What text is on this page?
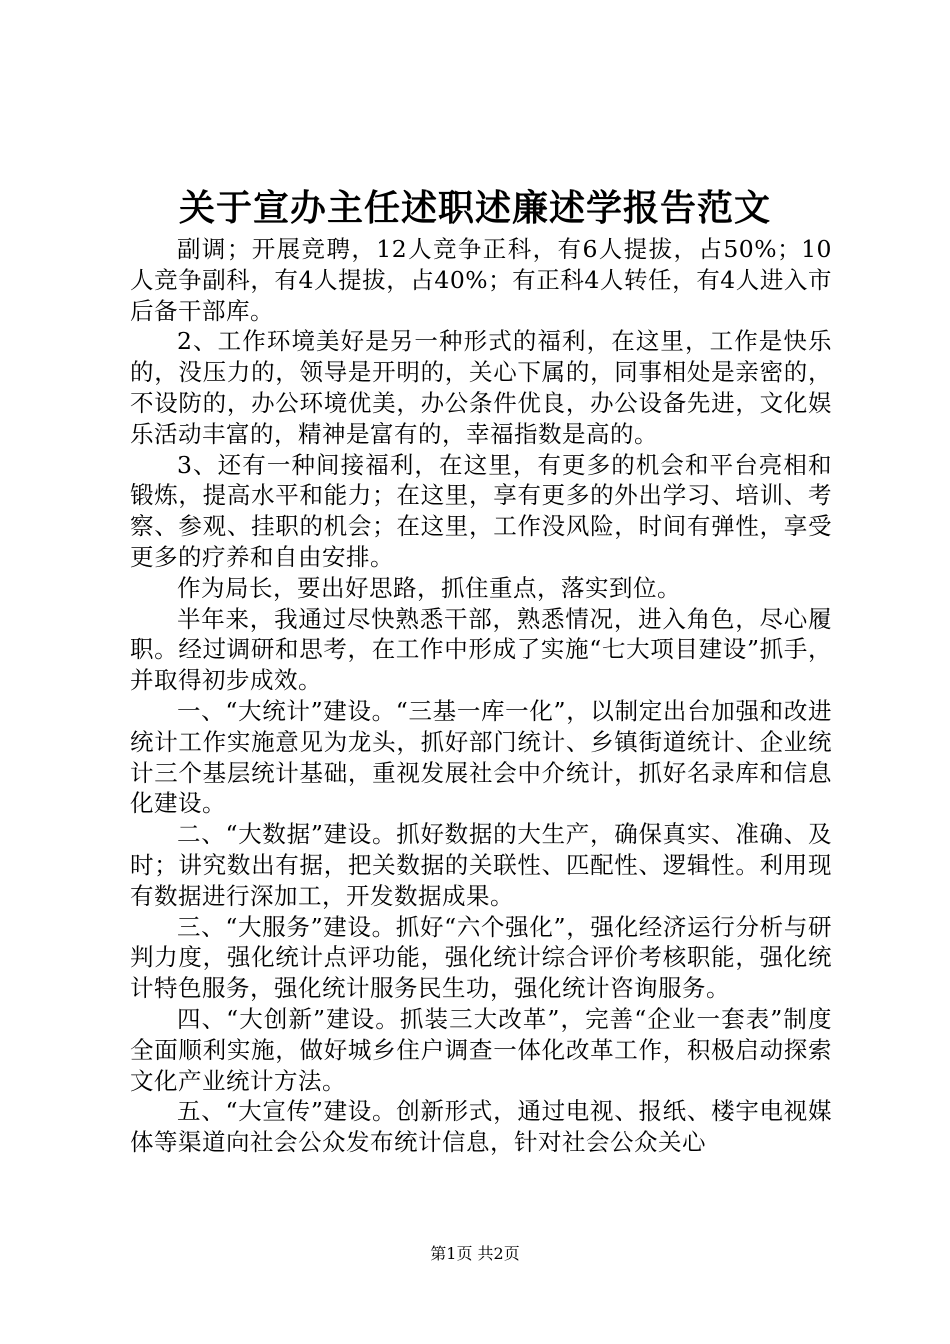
关于宣办主任述职述廉述学报告范文

副调；开展竞聘，12人竞争正科，有6人提拔，占50%；10人竞争副科，有4人提拔，占40%；有正科4人转任，有4人进入市后备干部库。

2、工作环境美好是另一种形式的福利，在这里，工作是快乐的，没压力的，领导是开明的，关心下属的，同事相处是亲密的，不设防的，办公环境优美，办公条件优良，办公设备先进，文化娱乐活动丰富的，精神是富有的，幸福指数是高的。

3、还有一种间接福利，在这里，有更多的机会和平台亮相和锻炼，提高水平和能力；在这里，享有更多的外出学习、培训、考察、参观、挂职的机会；在这里，工作没风险，时间有弹性，享受更多的疗养和自由安排。

作为局长，要出好思路，抓住重点，落实到位。

半年来，我通过尽快熟悉干部，熟悉情况，进入角色，尽心履职。经过调研和思考，在工作中形成了实施“七大项目建设”抓手，并取得初步成效。

一、“大统计”建设。“三基一库一化”，以制定出台加强和改进统计工作实施意见为龙头，抓好部门统计、乡镇街道统计、企业统计三个基层统计基础，重视发展社会中介统计，抓好名录库和信息化建设。

二、“大数据”建设。抓好数据的大生产，确保真实、准确、及时；讲究数出有据，把关数据的关联性、匹配性、逻辑性。利用现有数据进行深加工，开发数据成果。

三、“大服务”建设。抓好“六个强化”，强化经济运行分析与研判力度，强化统计点评功能，强化统计综合评价考核职能，强化统计特色服务，强化统计服务民生功，强化统计咨询服务。

四、“大创新”建设。抓装三大改革”，完善“企业一套表”制度全面顺利实施，做好城乡住户调查一体化改革工作，积极启动探索文化产业统计方法。

五、“大宣传”建设。创新形式，通过电视、报纸、楼宇电视媒体等渠道向社会公众发布统计信息，针对社会公众关心

第1页 共2页
